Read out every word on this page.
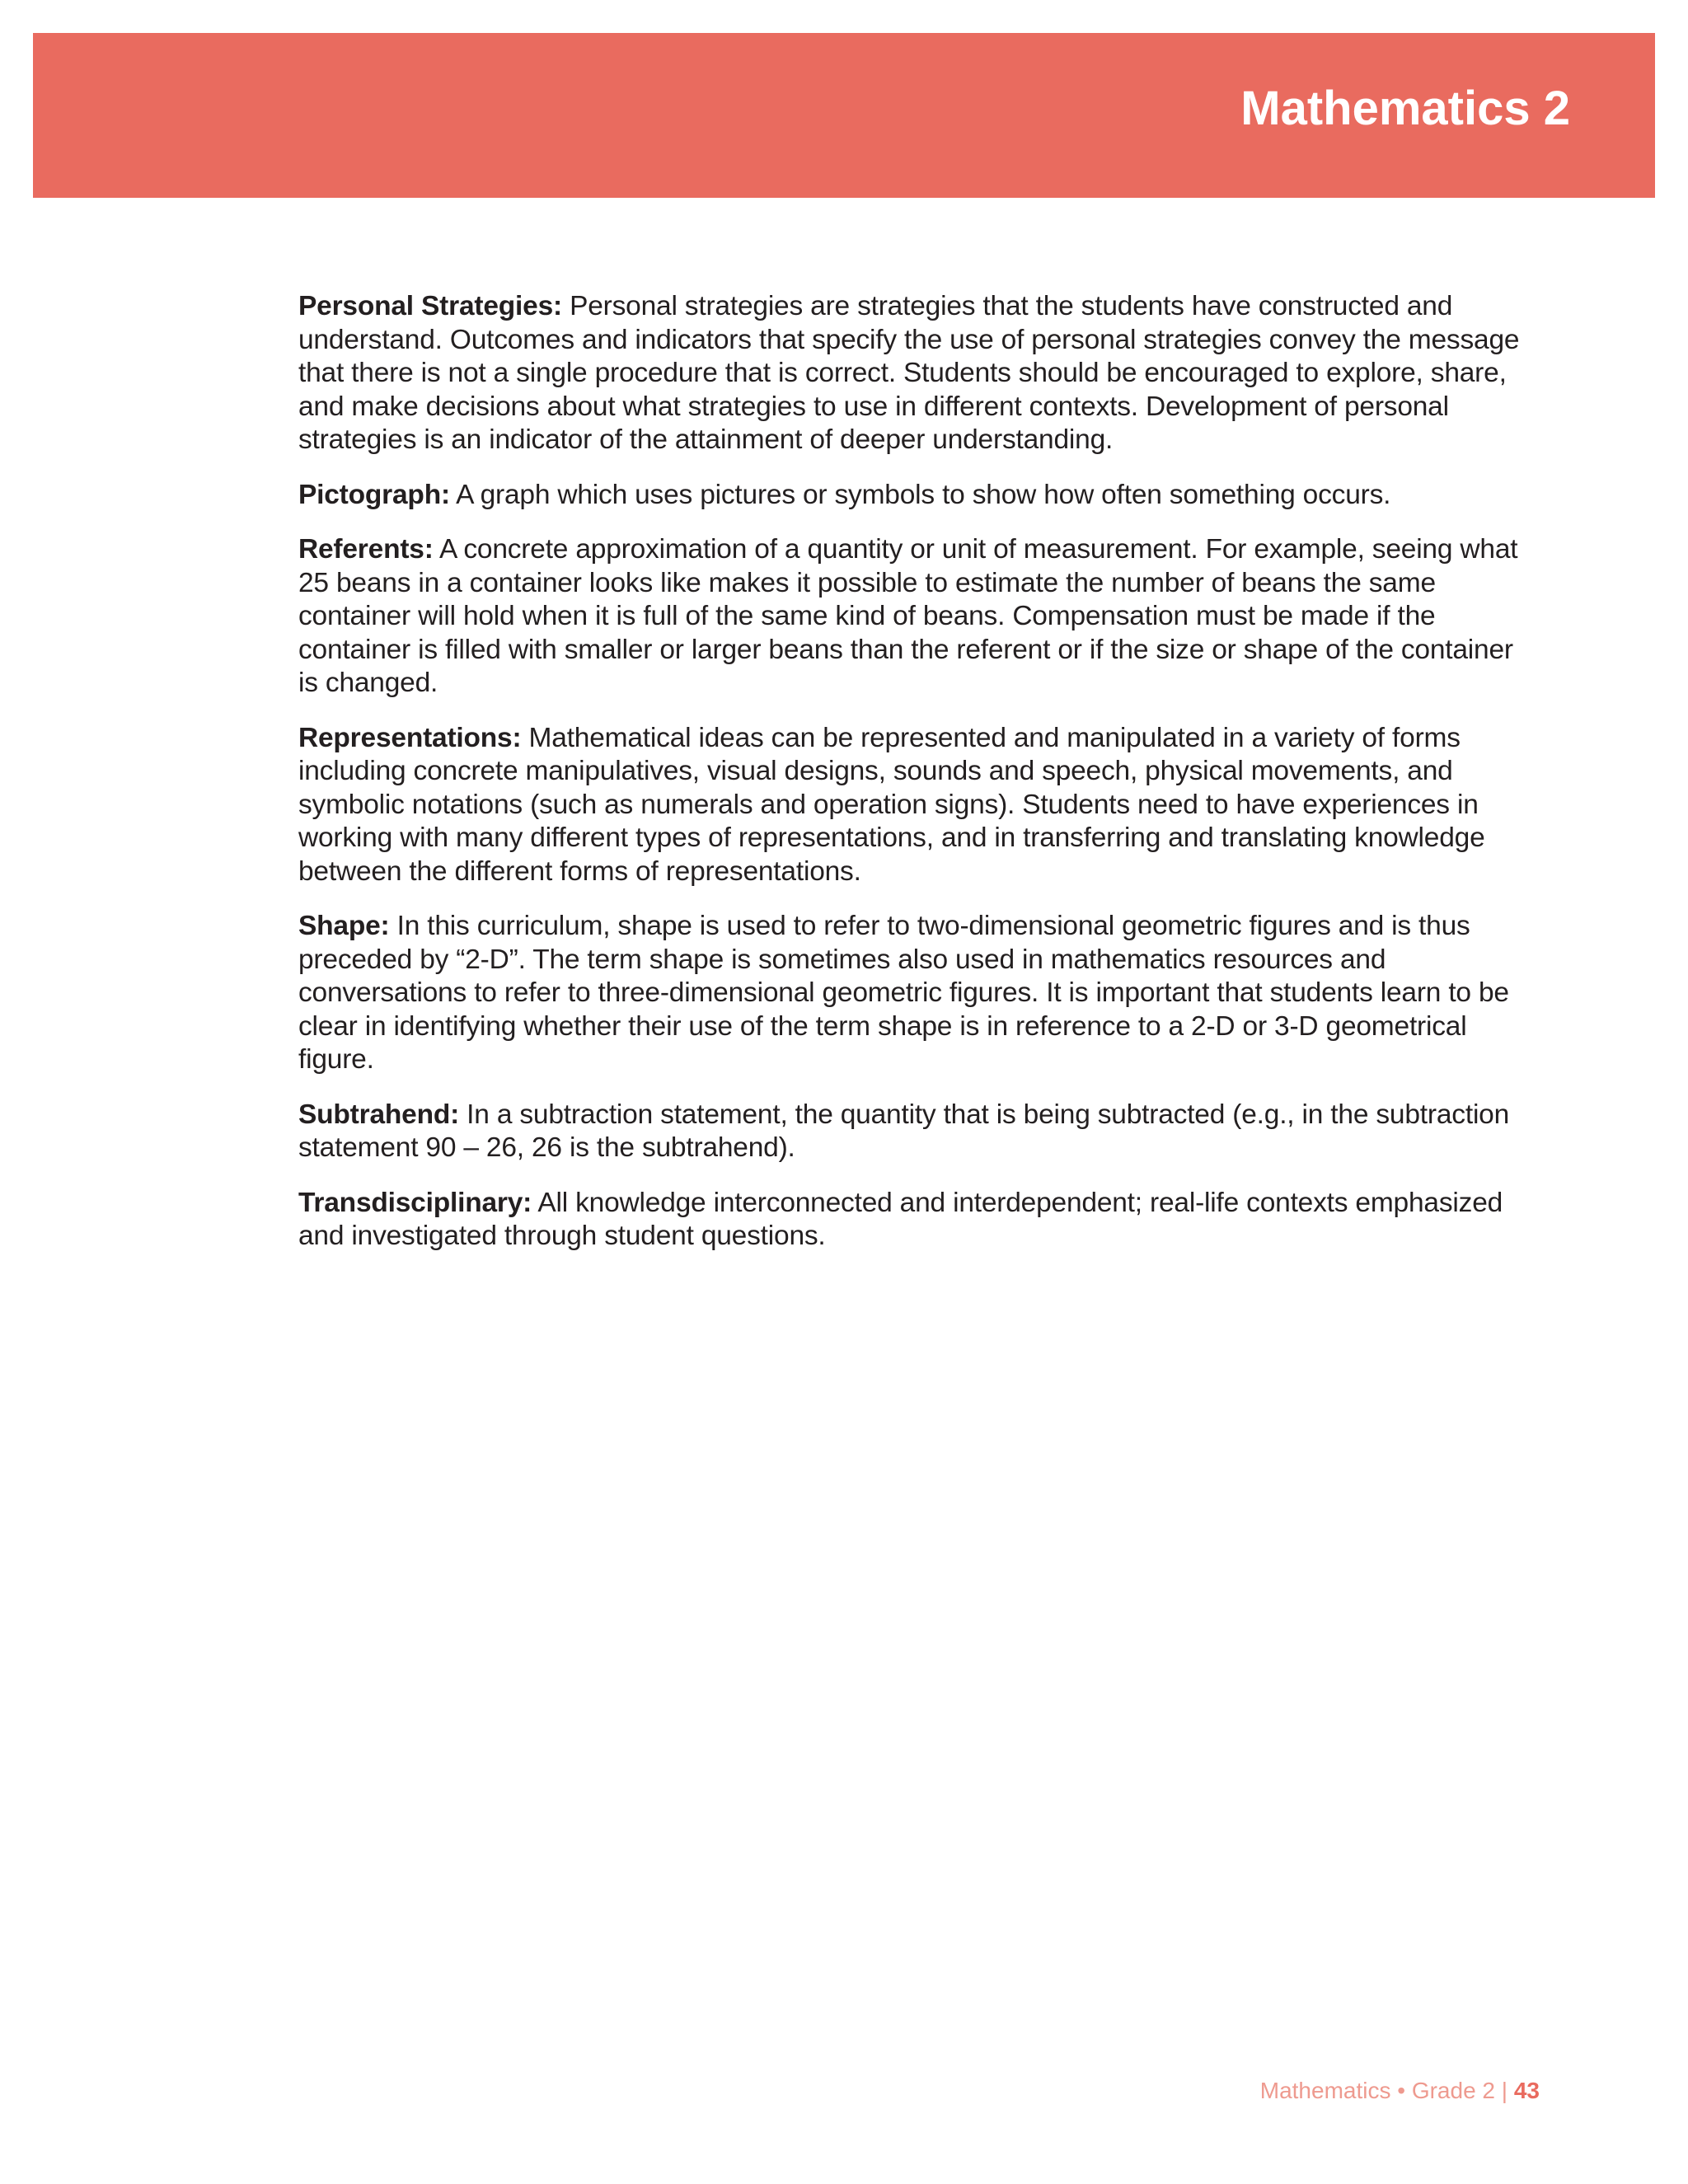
Mathematics 2

Personal Strategies: Personal strategies are strategies that the students have constructed and understand. Outcomes and indicators that specify the use of personal strategies convey the message that there is not a single procedure that is correct. Students should be encouraged to explore, share, and make decisions about what strategies to use in different contexts. Development of personal strategies is an indicator of the attainment of deeper understanding.

Pictograph: A graph which uses pictures or symbols to show how often something occurs.

Referents: A concrete approximation of a quantity or unit of measurement. For example, seeing what 25 beans in a container looks like makes it possible to estimate the number of beans the same container will hold when it is full of the same kind of beans. Compensation must be made if the container is filled with smaller or larger beans than the referent or if the size or shape of the container is changed.

Representations: Mathematical ideas can be represented and manipulated in a variety of forms including concrete manipulatives, visual designs, sounds and speech, physical movements, and symbolic notations (such as numerals and operation signs). Students need to have experiences in working with many different types of representations, and in transferring and translating knowledge between the different forms of representations.

Shape: In this curriculum, shape is used to refer to two-dimensional geometric figures and is thus preceded by “2-D”. The term shape is sometimes also used in mathematics resources and conversations to refer to three-dimensional geometric figures. It is important that students learn to be clear in identifying whether their use of the term shape is in reference to a 2-D or 3-D geometrical figure.

Subtrahend: In a subtraction statement, the quantity that is being subtracted (e.g., in the subtraction statement 90 – 26, 26 is the subtrahend).

Transdisciplinary: All knowledge interconnected and interdependent; real-life contexts emphasized and investigated through student questions.

Mathematics • Grade 2 | 43
